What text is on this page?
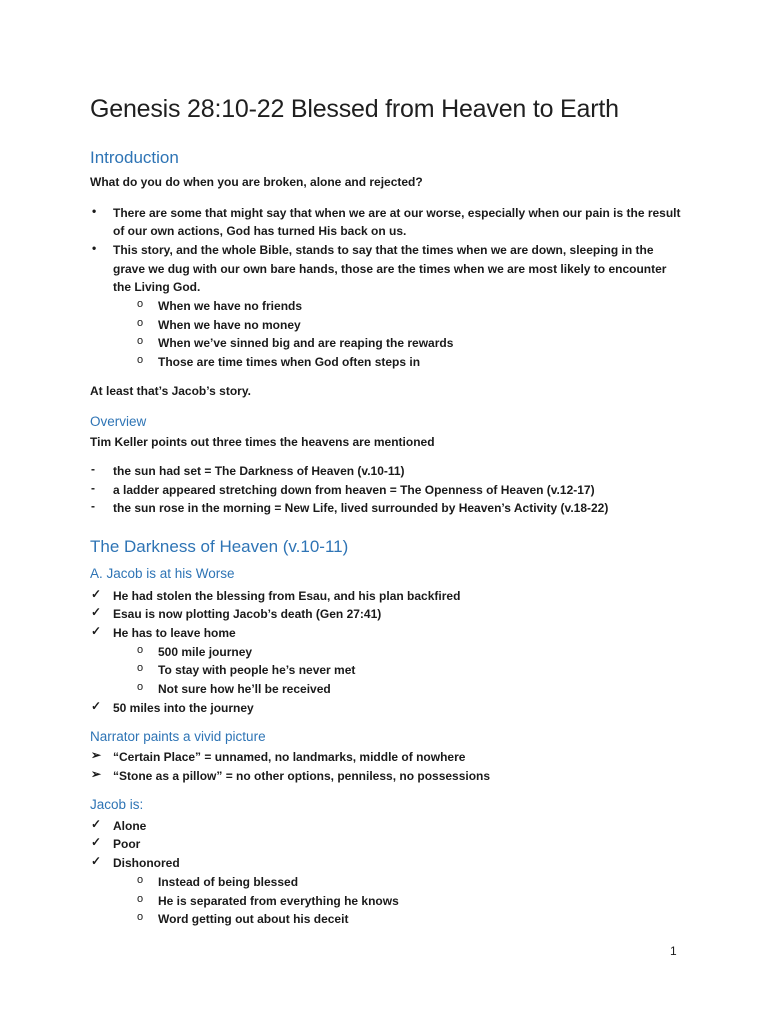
Genesis 28:10-22 Blessed from Heaven to Earth
Introduction
What do you do when you are broken, alone and rejected?
• There are some that might say that when we are at our worse, especially when our pain is the result
of our own actions, God has turned His back on us.
• This story, and the whole Bible, stands to say that the times when we are down, sleeping in the
grave we dug with our own bare hands, those are the times when we are most likely to encounter
the Living God.
o When we have no friends
o When we have no money
o When we’ve sinned big and are reaping the rewards
o Those are time times when God often steps in
At least that’s Jacob’s story.
Overview
Tim Keller points out three times the heavens are mentioned
- the sun had set = The Darkness of Heaven (v.10-11)
- a ladder appeared stretching down from heaven = The Openness of Heaven (v.12-17)
- the sun rose in the morning = New Life, lived surrounded by Heaven’s Activity (v.18-22)
The Darkness of Heaven (v.10-11)
A. Jacob is at his Worse
✓ He had stolen the blessing from Esau, and his plan backfired
✓ Esau is now plotting Jacob’s death (Gen 27:41)
✓ He has to leave home
o 500 mile journey
o To stay with people he’s never met
o Not sure how he’ll be received
✓ 50 miles into the journey
Narrator paints a vivid picture
➢ “Certain Place” = unnamed, no landmarks, middle of nowhere
➢ “Stone as a pillow” = no other options, penniless, no possessions
Jacob is:
✓ Alone
✓ Poor
✓ Dishonored
o Instead of being blessed
o He is separated from everything he knows
o Word getting out about his deceit
1
